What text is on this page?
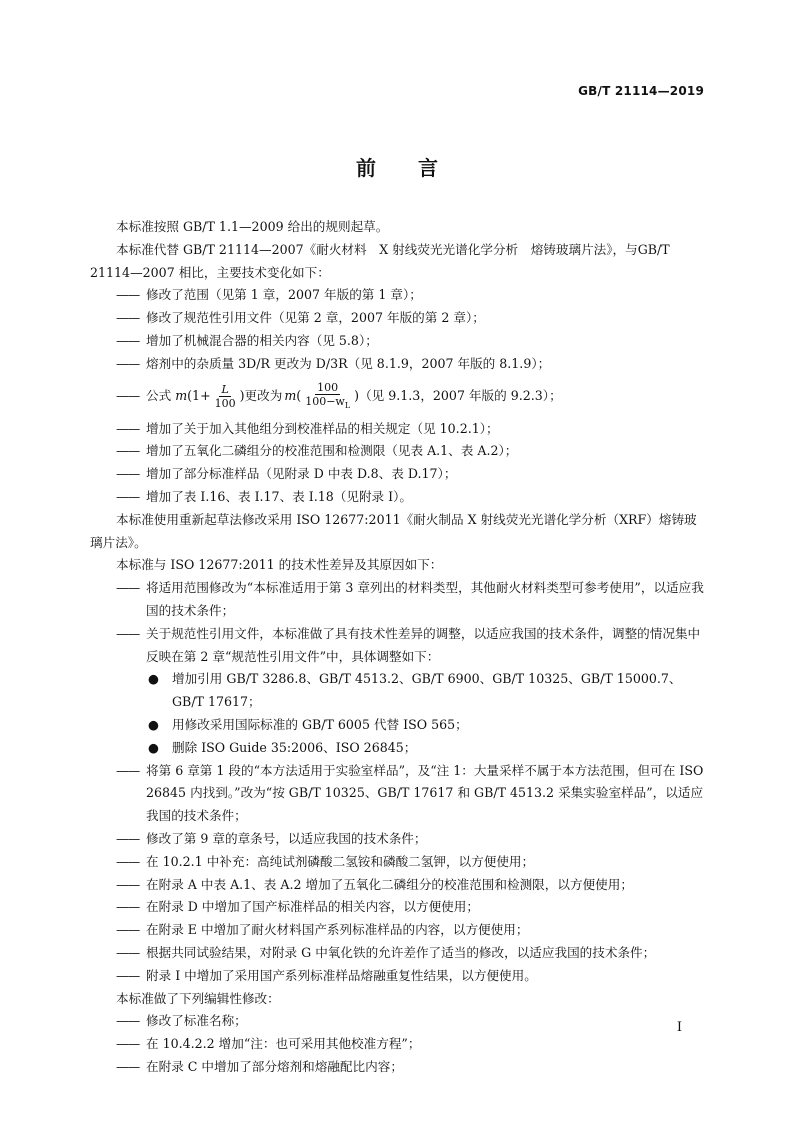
GB/T 21114—2019
前 言

本标准按照 GB/T 1.1—2009 给出的规则起草。

本标准代替 GB/T 21114—2007《耐火材料　X 射线荧光光谱化学分析　熔铸玻璃片法》，与GB/T 21114—2007 相比，主要技术变化如下：

—— 修改了范围（见第 1 章，2007 年版的第 1 章）；

—— 修改了规范性引用文件（见第 2 章，2007 年版的第 2 章）；

—— 增加了机械混合器的相关内容（见 5.8）；

—— 熔剂中的杂质量 3D/R 更改为 D/3R（见 8.1.9，2007 年版的 8.1.9）；

—— 公式 m ($1+ \frac{L}{100}$ ) 更改为 m ( $\frac{100}{100-w_L}$ ) （见 9.1.3，2007 年版的 9.2.3）；

—— 增加了关于加入其他组分到校准样品的相关规定（见 10.2.1）；

—— 增加了五氧化二磷组分的校准范围和检测限（见表 A.1、表 A.2）；

—— 增加了部分标准样品（见附录 D 中表 D.8、表 D.17）；

—— 增加了表 I.16、表 I.17、表 I.18（见附录 I）。

本标准使用重新起草法修改采用 ISO 12677:2011《耐火制品 X 射线荧光光谱化学分析（XRF）熔铸玻璃片法》。

本标准与 ISO 12677:2011 的技术性差异及其原因如下：

—— 将适用范围修改为“本标准适用于第 3 章列出的材料类型，其他耐火材料类型可参考使用”，以适应我国的技术条件；

—— 关于规范性引用文件，本标准做了具有技术性差异的调整，以适应我国的技术条件，调整的情况集中反映在第 2 章“规范性引用文件”中，具体调整如下：

● 增加引用 GB/T 3286.8、GB/T 4513.2、GB/T 6900、GB/T 10325、GB/T 15000.7、GB/T 17617；

● 用修改采用国际标准的 GB/T 6005 代替 ISO 565；

● 删除 ISO Guide 35:2006、ISO 26845；

—— 将第 6 章第 1 段的“本方法适用于实验室样品”，及“注 1：大量采样不属于本方法范围，但可在 ISO 26845 内找到。”改为“按 GB/T 10325、GB/T 17617 和 GB/T 4513.2 采集实验室样品”，以适应我国的技术条件；

—— 修改了第 9 章的章条号，以适应我国的技术条件；

—— 在 10.2.1 中补充：高纯试剂磷酸二氢铵和磷酸二氢钾，以方便使用；

—— 在附录 A 中表 A.1、表 A.2 增加了五氧化二磷组分的校准范围和检测限，以方便使用；

—— 在附录 D 中增加了国产标准样品的相关内容，以方便使用；

—— 在附录 E 中增加了耐火材料国产系列标准样品的内容，以方便使用；

—— 根据共同试验结果，对附录 G 中氧化铁的允许差作了适当的修改，以适应我国的技术条件；

—— 附录 I 中增加了采用国产系列标准样品熔融重复性结果，以方便使用。

本标准做了下列编辑性修改：

—— 修改了标准名称；

—— 在 10.4.2.2 增加“注：也可采用其他校准方程”；

—— 在附录 C 中增加了部分熔剂和熔融配比内容；

I
